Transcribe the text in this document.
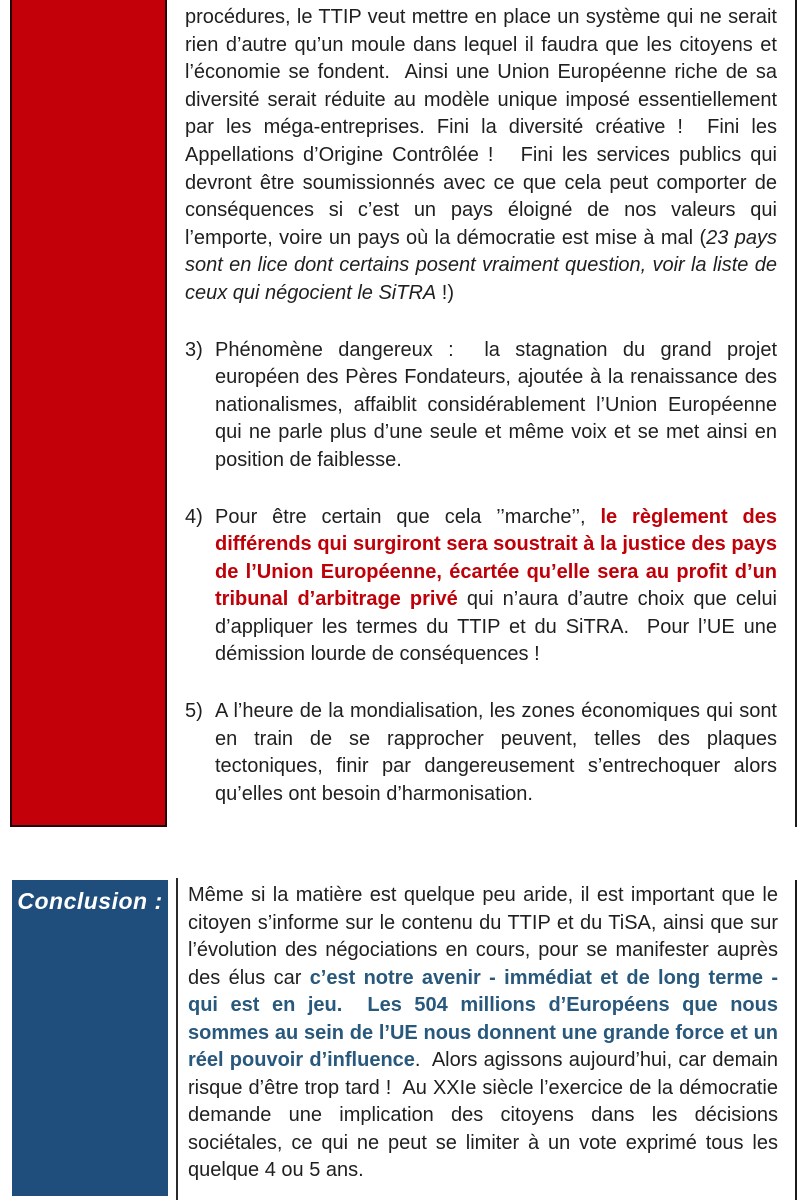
procédures, le TTIP veut mettre en place un système qui ne serait rien d’autre qu’un moule dans lequel il faudra que les citoyens et l’économie se fondent.  Ainsi une Union Européenne riche de sa diversité serait réduite au modèle unique imposé essentiellement par les méga-entreprises. Fini la diversité créative !  Fini les Appellations d’Origine Contrôlée !   Fini les services publics qui devront être soumissionnés avec ce que cela peut comporter de conséquences si c’est un pays éloigné de nos valeurs qui l’emporte, voire un pays où la démocratie est mise à mal (23 pays sont en lice dont certains posent vraiment question, voir la liste de ceux qui négocient le SiTRA !)

3) Phénomène dangereux :  la stagnation du grand projet européen des Pères Fondateurs, ajoutée à la renaissance des nationalismes, affaiblit considérablement l’Union Européenne qui ne parle plus d’une seule et même voix et se met ainsi en position de faiblesse.

4) Pour être certain que cela ’’marche’’, le règlement des différends qui surgiront sera soustrait à la justice des pays de l’Union Européenne, écartée qu’elle sera au profit d’un tribunal d’arbitrage privé qui n’aura d’autre choix que celui d’appliquer les termes du TTIP et du SiTRA.  Pour l’UE une démission lourde de conséquences !

5) A l’heure de la mondialisation, les zones économiques qui sont en train de se rapprocher peuvent, telles des plaques tectoniques, finir par dangereusement s’entrechoquer alors qu’elles ont besoin d’harmonisation.

Conclusion : Même si la matière est quelque peu aride, il est important que le citoyen s’informe sur le contenu du TTIP et du TiSA, ainsi que sur l’évolution des négociations en cours, pour se manifester auprès des élus car c’est notre avenir - immédiat et de long terme - qui est en jeu.  Les 504 millions d’Européens que nous sommes au sein de l’UE nous donnent une grande force et un réel pouvoir d’influence.  Alors agissons aujourd’hui, car demain risque d’être trop tard !  Au XXIe siècle l’exercice de la démocratie demande une implication des citoyens dans les décisions sociétales, ce qui ne peut se limiter à un vote exprimé tous les quelque 4 ou 5 ans.
